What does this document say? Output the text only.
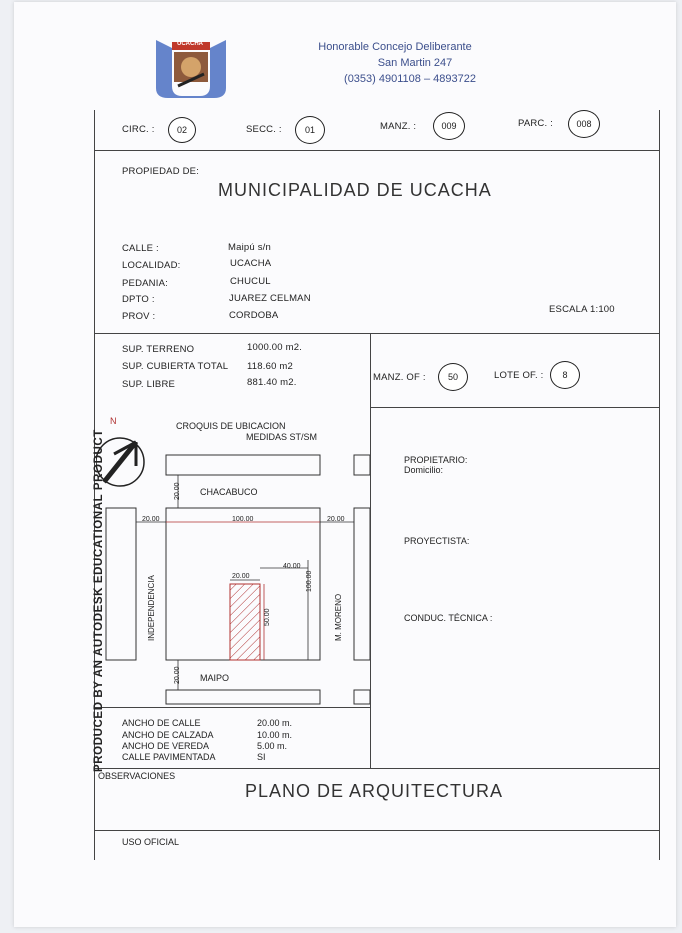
UCACHA	Honorable Concejo Deliberante
San Martin 247
(0353) 4901108 – 4893722
CIRC. :	02	SECC. :	01	MANZ. :	009	PARC. :	008
PROPIEDAD DE:
MUNICIPALIDAD DE UCACHA
CALLE :	Maipú s/n
LOCALIDAD:	UCACHA
PEDANIA:	CHUCUL
DPTO :	JUAREZ CELMAN
PROV :	CORDOBA
ESCALA 1:100
SUP. TERRENO	1000.00 m2.
SUP. CUBIERTA TOTAL 118.60 m2
SUP. LIBRE	881.40 m2.	MANZ. OF :	50	LOTE OF. :	8
CROQUIS DE UBICACION
MEDIDAS ST/SM
N
CHACABUCO
MAIPO
INDEPENDENCIA	M. MORENO
20.00
20.00	100.00	20.00
40.00
20.00
50.00
100.00
20.00
ANCHO DE CALLE	20.00 m.
ANCHO DE CALZADA	10.00 m.
ANCHO DE VEREDA	5.00 m.
CALLE PAVIMENTADA	SI
PROPIETARIO:
Domicilio:
PROYECTISTA:
CONDUC. TÉCNICA :
OBSERVACIONES
PLANO DE ARQUITECTURA
USO OFICIAL
PRODUCED BY AN AUTODESK EDUCATIONAL PRODUCT
